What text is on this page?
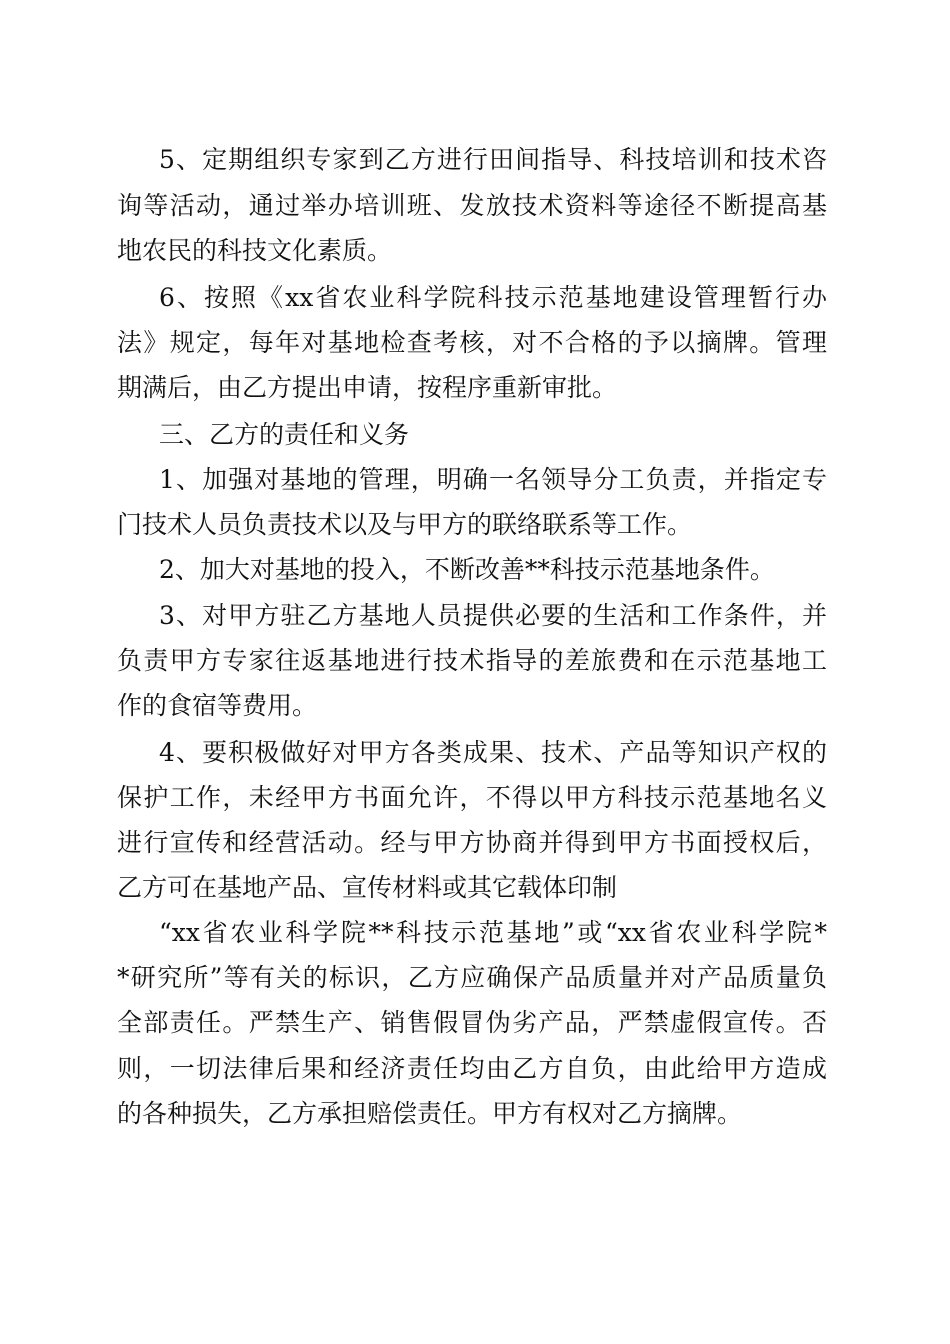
5、定期组织专家到乙方进行田间指导、科技培训和技术咨
询等活动，通过举办培训班、发放技术资料等途径不断提高基
地农民的科技文化素质。
6、按照《xx省农业科学院科技示范基地建设管理暂行办
法》规定，每年对基地检查考核，对不合格的予以摘牌。管理
期满后，由乙方提出申请，按程序重新审批。
三、乙方的责任和义务
1、加强对基地的管理，明确一名领导分工负责，并指定专
门技术人员负责技术以及与甲方的联络联系等工作。
2、加大对基地的投入，不断改善**科技示范基地条件。
3、对甲方驻乙方基地人员提供必要的生活和工作条件，并
负责甲方专家往返基地进行技术指导的差旅费和在示范基地工
作的食宿等费用。
4、要积极做好对甲方各类成果、技术、产品等知识产权的
保护工作，未经甲方书面允许，不得以甲方科技示范基地名义
进行宣传和经营活动。经与甲方协商并得到甲方书面授权后，
乙方可在基地产品、宣传材料或其它载体印制
“xx省农业科学院**科技示范基地”或“xx省农业科学院*
*研究所”等有关的标识，乙方应确保产品质量并对产品质量负
全部责任。严禁生产、销售假冒伪劣产品，严禁虚假宣传。否
则，一切法律后果和经济责任均由乙方自负，由此给甲方造成
的各种损失，乙方承担赔偿责任。甲方有权对乙方摘牌。
